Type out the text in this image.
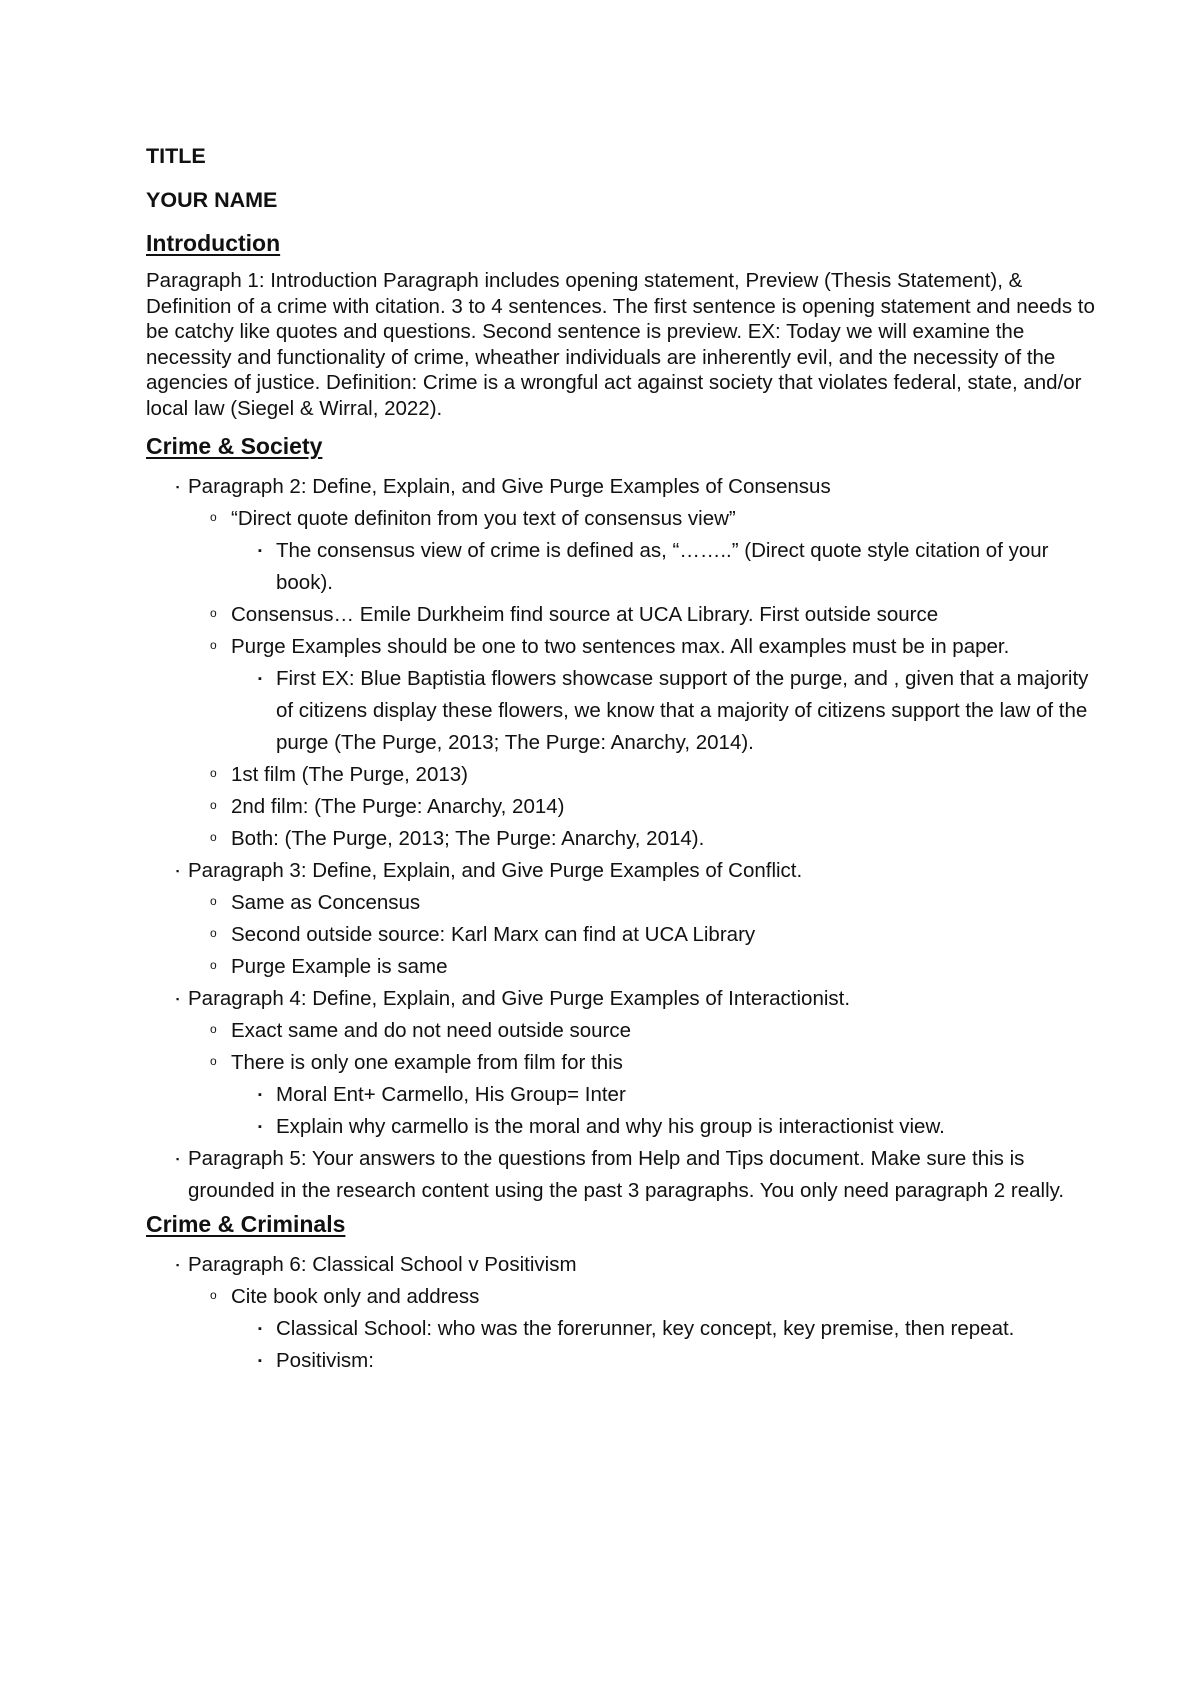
TITLE
YOUR NAME
Introduction

Paragraph 1: Introduction Paragraph includes opening statement, Preview (Thesis Statement), & Definition of a crime with citation. 3 to 4 sentences. The first sentence is opening statement and needs to be catchy like quotes and questions. Second sentence is preview. EX: Today we will examine the necessity and functionality of crime, wheather individuals are inherently evil, and the necessity of the agencies of justice. Definition: Crime is a wrongful act against society that violates federal, state, and/or local law (Siegel & Wirral, 2022).

Crime & Society
▪ Paragraph 2: Define, Explain, and Give Purge Examples of Consensus
o “Direct quote definiton from you text of consensus view”
▪ The consensus view of crime is defined as, “……..” (Direct quote style citation of your book).
o Consensus… Emile Durkheim find source at UCA Library. First outside source
o Purge Examples should be one to two sentences max. All examples must be in paper.
▪ First EX: Blue Baptistia flowers showcase support of the purge, and , given that a majority of citizens display these flowers, we know that a majority of citizens support the law of the purge (The Purge, 2013; The Purge: Anarchy, 2014).
o 1st film (The Purge, 2013)
o 2nd film: (The Purge: Anarchy, 2014)
o Both: (The Purge, 2013; The Purge: Anarchy, 2014).
▪ Paragraph 3: Define, Explain, and Give Purge Examples of Conflict.
o Same as Concensus
o Second outside source: Karl Marx can find at UCA Library
o Purge Example is same
▪ Paragraph 4: Define, Explain, and Give Purge Examples of Interactionist.
o Exact same and do not need outside source
o There is only one example from film for this
▪ Moral Ent+ Carmello, His Group= Inter
▪ Explain why carmello is the moral and why his group is interactionist view.
▪ Paragraph 5: Your answers to the questions from Help and Tips document. Make sure this is grounded in the research content using the past 3 paragraphs. You only need paragraph 2 really.
Crime & Criminals
▪ Paragraph 6: Classical School v Positivism
o Cite book only and address
▪ Classical School: who was the forerunner, key concept, key premise, then repeat.
▪ Positivism:
